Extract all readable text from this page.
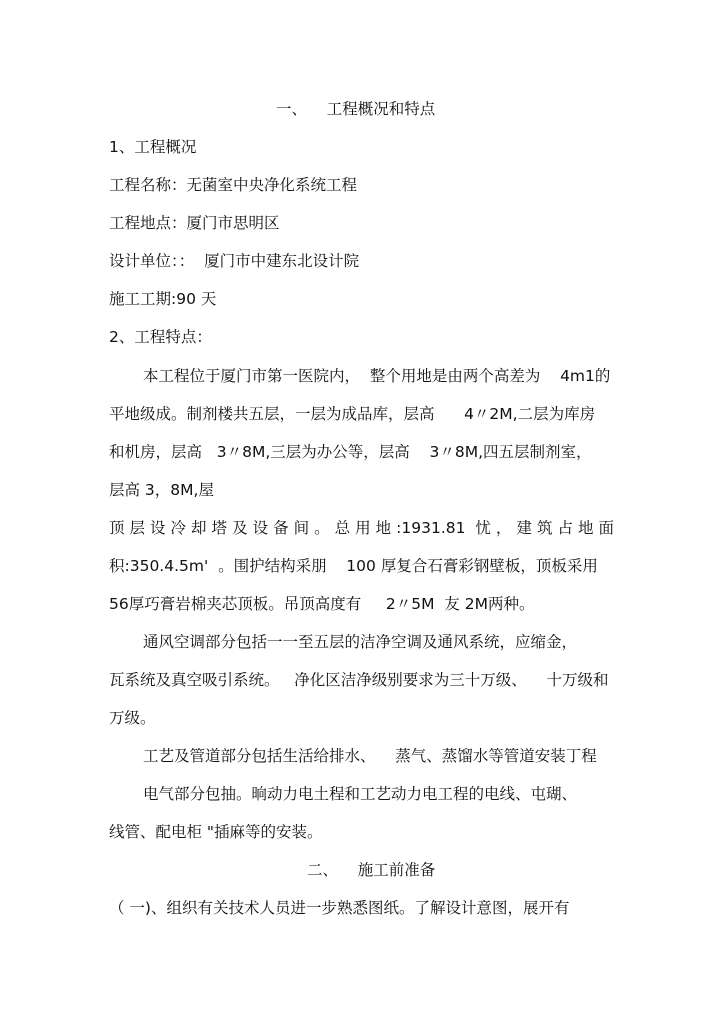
一、    工程概况和特点

1、工程概况

工程名称：无菌室中央净化系统工程

工程地点：厦门市思明区

设计单位：：  厦门市中建东北设计院

施工工期:90 天

2、工程特点：

本工程位于厦门市第一医院内，  整个用地是由两个高差为    4m1的

平地级成。制剂楼共五层，一层为成品库，层高      4〃2M,二层为库房

和机房，层高   3〃8M,三层为办公等，层高    3〃8M,四五层制剂室，

层高 3，8M,屋

顶层设冷却塔及设备间。总用地:1931.81 忧，建筑占地面

积:350.4.5m'  。围护结构采朋    100 厚复合石膏彩钢壁板，顶板采用

56厚巧膏岩棉夹芯顶板。吊顶高度有     2〃5M  友 2M两种。

通风空调部分包括一一至五层的洁净空调及通风系统，应缩金，

瓦系统及真空吸引系统。   净化区洁净级别要求为三十万级、    十万级和

万级。

工艺及管道部分包括生活给排水、    蒸气、蒸馏水等管道安装丁程

电气部分包抽。晌动力电土程和工艺动力电工程的电线、屯瑚、

线管、配电柜 "插麻等的安装。

二、    施工前准备

（ 一)、组织有关技术人员进一步熟悉图纸。了解设计意图，展开有
